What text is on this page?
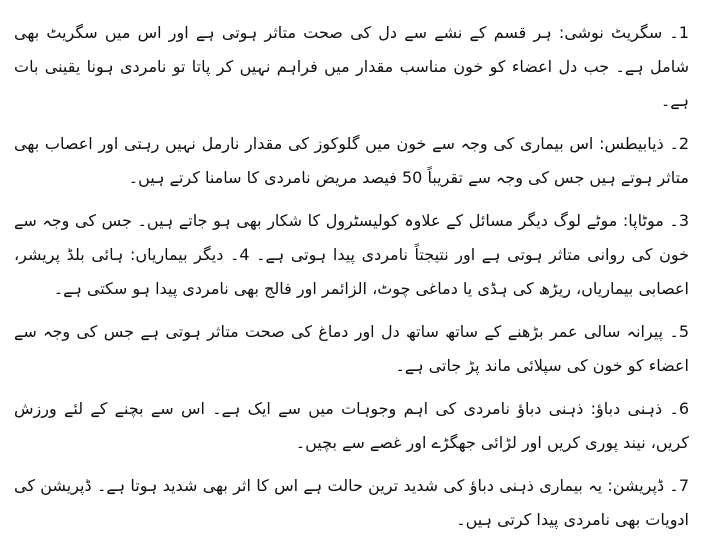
1۔ سگریٹ نوشی: ہر قسم کے نشے سے دل کی صحت متاثر ہوتی ہے اور اس میں سگریٹ بھی شامل ہے۔ جب دل اعضاء کو خون مناسب مقدار میں فراہم نہیں کر پاتا تو نامردی ہونا یقینی بات ہے۔

2۔ ذیابیطس: اس بیماری کی وجہ سے خون میں گلوکوز کی مقدار نارمل نہیں رہتی اور اعصاب بھی متاثر ہوتے ہیں جس کی وجہ سے تقریباً 50 فیصد مریض نامردی کا سامنا کرتے ہیں۔

3۔ موٹاپا: موٹے لوگ دیگر مسائل کے علاوہ کولیسٹرول کا شکار بھی ہو جاتے ہیں۔ جس کی وجہ سے خون کی روانی متاثر ہوتی ہے اور نتیجتاً نامردی پیدا ہوتی ہے۔ 4۔ دیگر بیماریاں: ہائی بلڈ پریشر، اعصابی بیماریاں، ریڑھ کی ہڈی یا دماغی چوٹ، الزائمر اور فالج بھی نامردی پیدا ہو سکتی ہے۔

5۔ پیرانہ سالی عمر بڑھنے کے ساتھ ساتھ دل اور دماغ کی صحت متاثر ہوتی ہے جس کی وجہ سے اعضاء کو خون کی سپلائی ماند پڑ جاتی ہے۔

6۔ ذہنی دباؤ: ذہنی دباؤ نامردی کی اہم وجوہات میں سے ایک ہے۔ اس سے بچنے کے لئے ورزش کریں، نیند پوری کریں اور لڑائی جھگڑے اور غصے سے بچیں۔

7۔ ڈپریشن: یہ بیماری ذہنی دباؤ کی شدید ترین حالت ہے اس کا اثر بھی شدید ہوتا ہے۔ ڈپریشن کی ادویات بھی نامردی پیدا کرتی ہیں۔
